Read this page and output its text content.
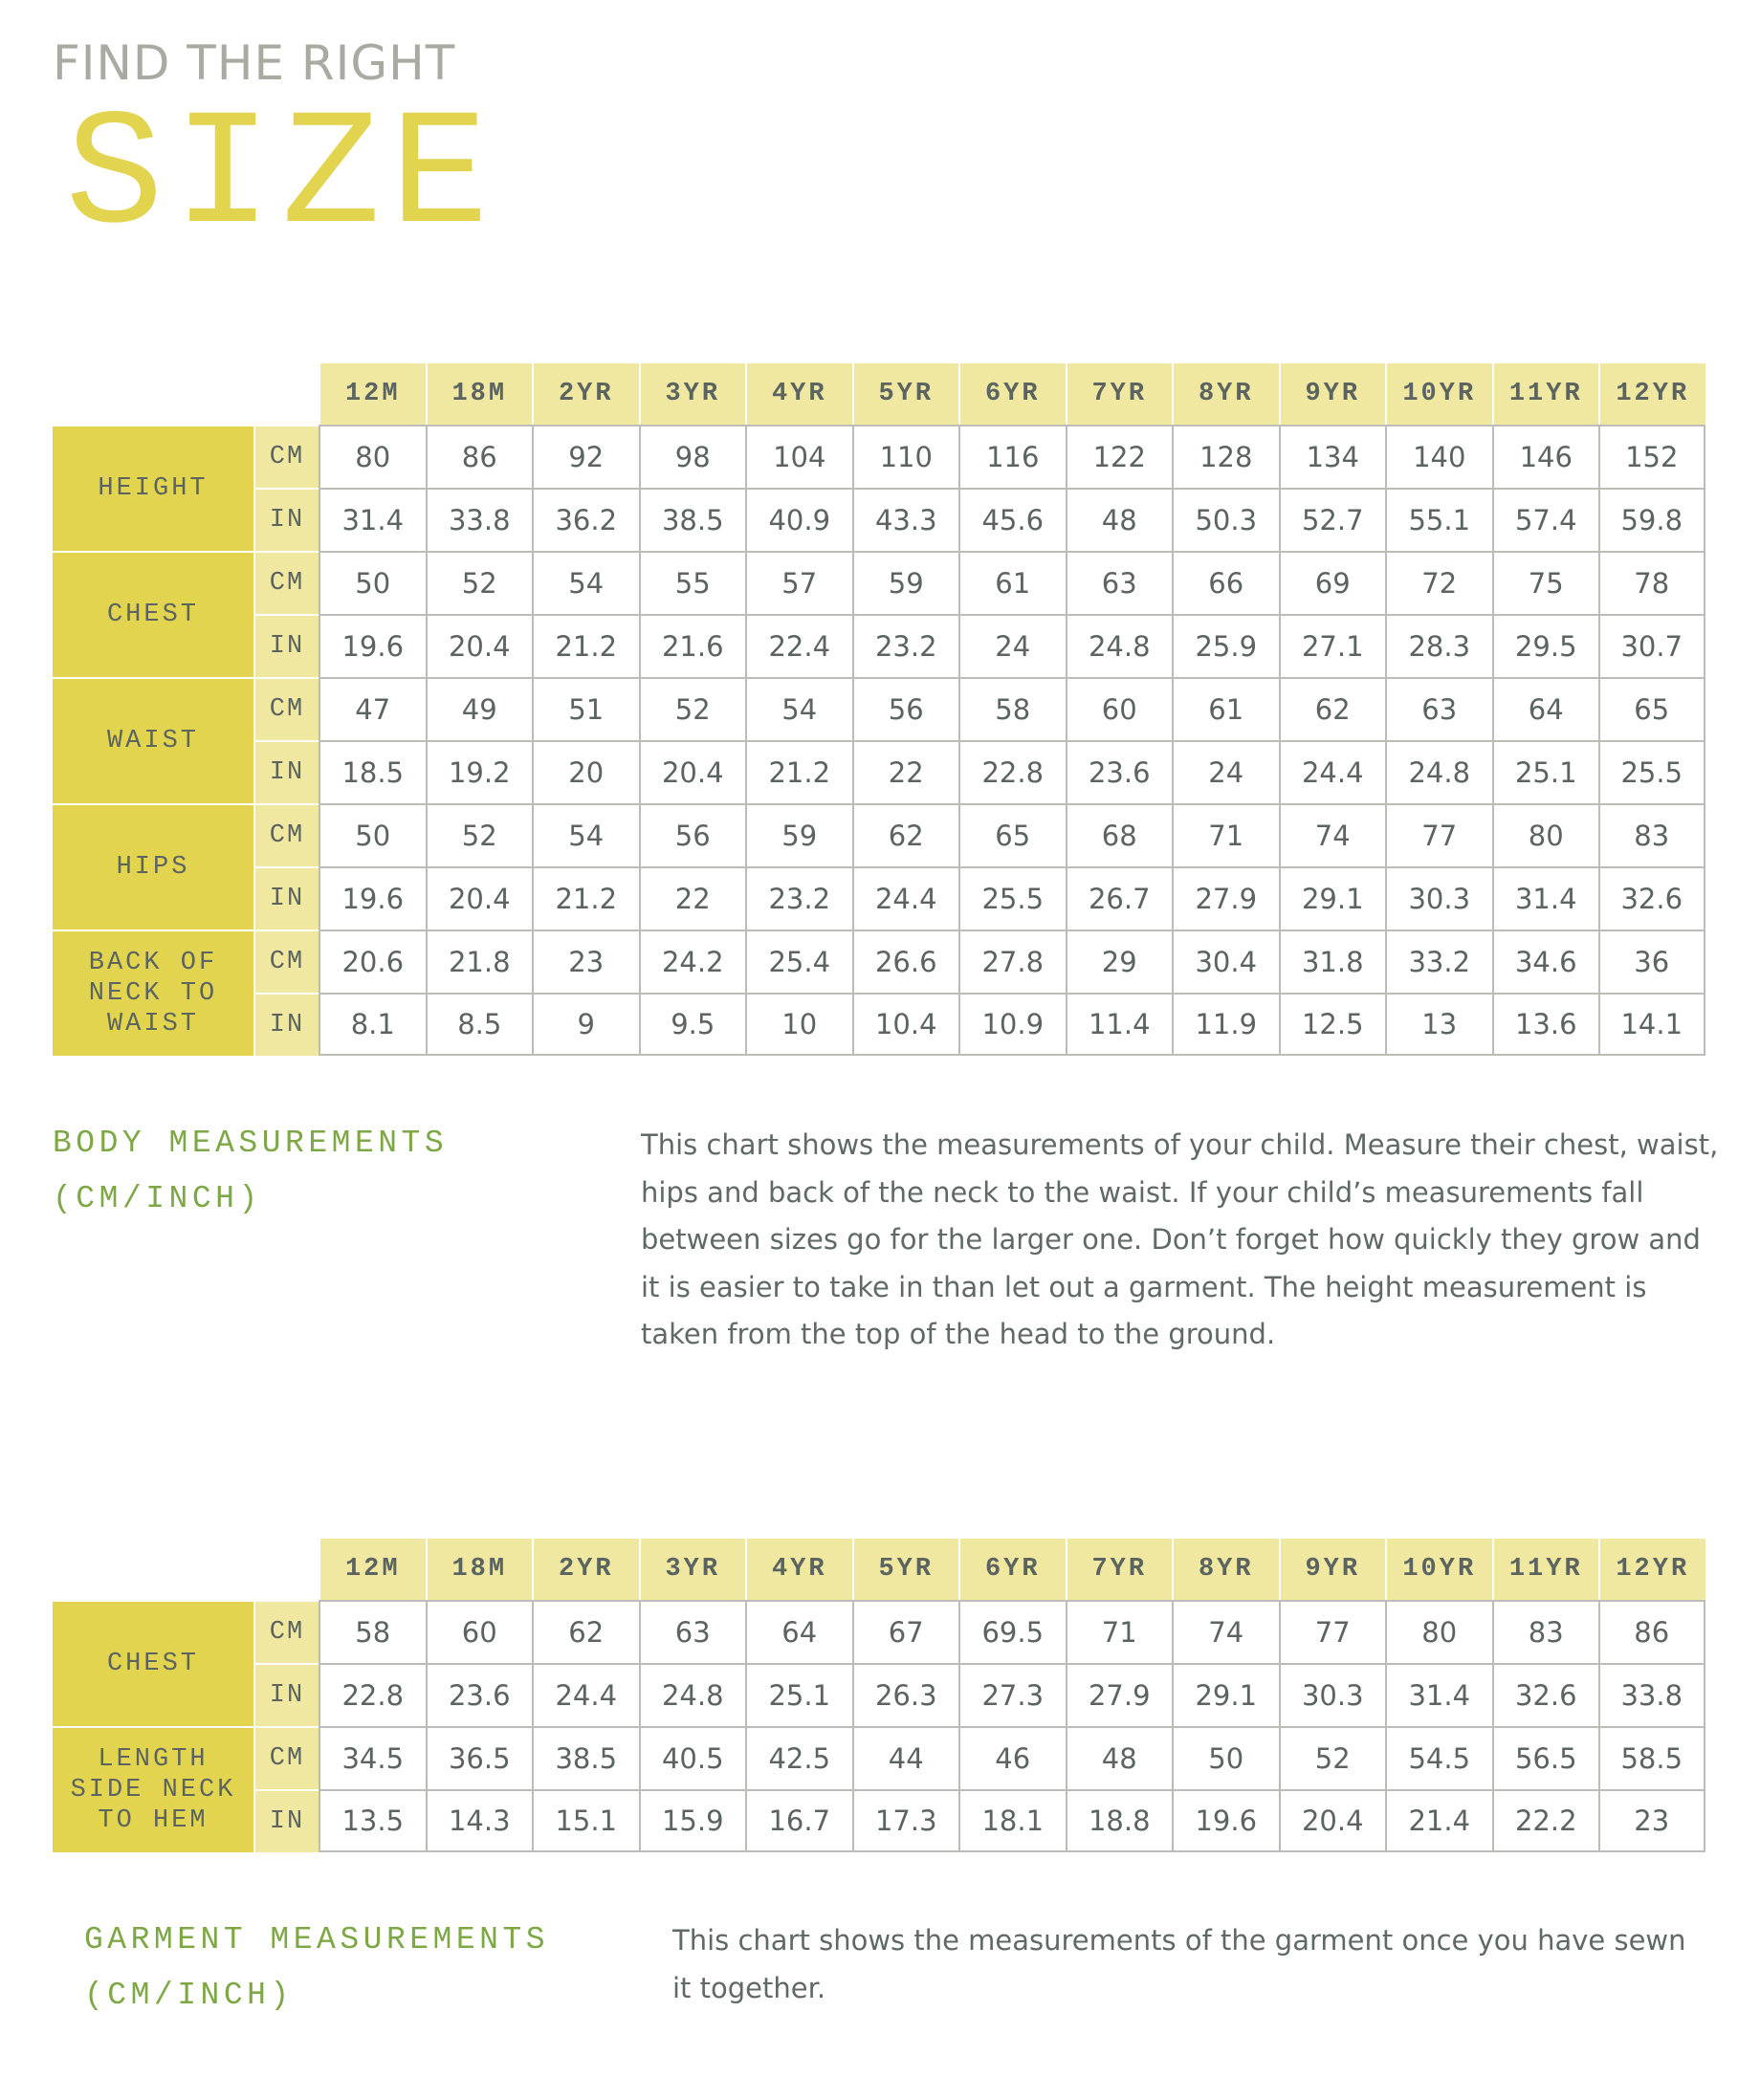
FIND THE RIGHT
SIZE
		12M	18M	2YR	3YR	4YR	5YR	6YR	7YR	8YR	9YR	10YR	11YR	12YR
HEIGHT	CM	80	86	92	98	104	110	116	122	128	134	140	146	152
	IN	31.4	33.8	36.2	38.5	40.9	43.3	45.6	48	50.3	52.7	55.1	57.4	59.8
CHEST	CM	50	52	54	55	57	59	61	63	66	69	72	75	78
	IN	19.6	20.4	21.2	21.6	22.4	23.2	24	24.8	25.9	27.1	28.3	29.5	30.7
WAIST	CM	47	49	51	52	54	56	58	60	61	62	63	64	65
	IN	18.5	19.2	20	20.4	21.2	22	22.8	23.6	24	24.4	24.8	25.1	25.5
HIPS	CM	50	52	54	56	59	62	65	68	71	74	77	80	83
	IN	19.6	20.4	21.2	22	23.2	24.4	25.5	26.7	27.9	29.1	30.3	31.4	32.6
BACK OF NECK TO WAIST	CM	20.6	21.8	23	24.2	25.4	26.6	27.8	29	30.4	31.8	33.2	34.6	36
	IN	8.1	8.5	9	9.5	10	10.4	10.9	11.4	11.9	12.5	13	13.6	14.1
BODY MEASUREMENTS
(CM/INCH)
This chart shows the measurements of your child. Measure their chest, waist, hips and back of the neck to the waist. If your child’s measurements fall between sizes go for the larger one. Don’t forget how quickly they grow and it is easier to take in than let out a garment. The height measurement is taken from the top of the head to the ground.
		12M	18M	2YR	3YR	4YR	5YR	6YR	7YR	8YR	9YR	10YR	11YR	12YR
CHEST	CM	58	60	62	63	64	67	69.5	71	74	77	80	83	86
	IN	22.8	23.6	24.4	24.8	25.1	26.3	27.3	27.9	29.1	30.3	31.4	32.6	33.8
LENGTH SIDE NECK TO HEM	CM	34.5	36.5	38.5	40.5	42.5	44	46	48	50	52	54.5	56.5	58.5
	IN	13.5	14.3	15.1	15.9	16.7	17.3	18.1	18.8	19.6	20.4	21.4	22.2	23
GARMENT MEASUREMENTS
(CM/INCH)
This chart shows the measurements of the garment once you have sewn it together.
